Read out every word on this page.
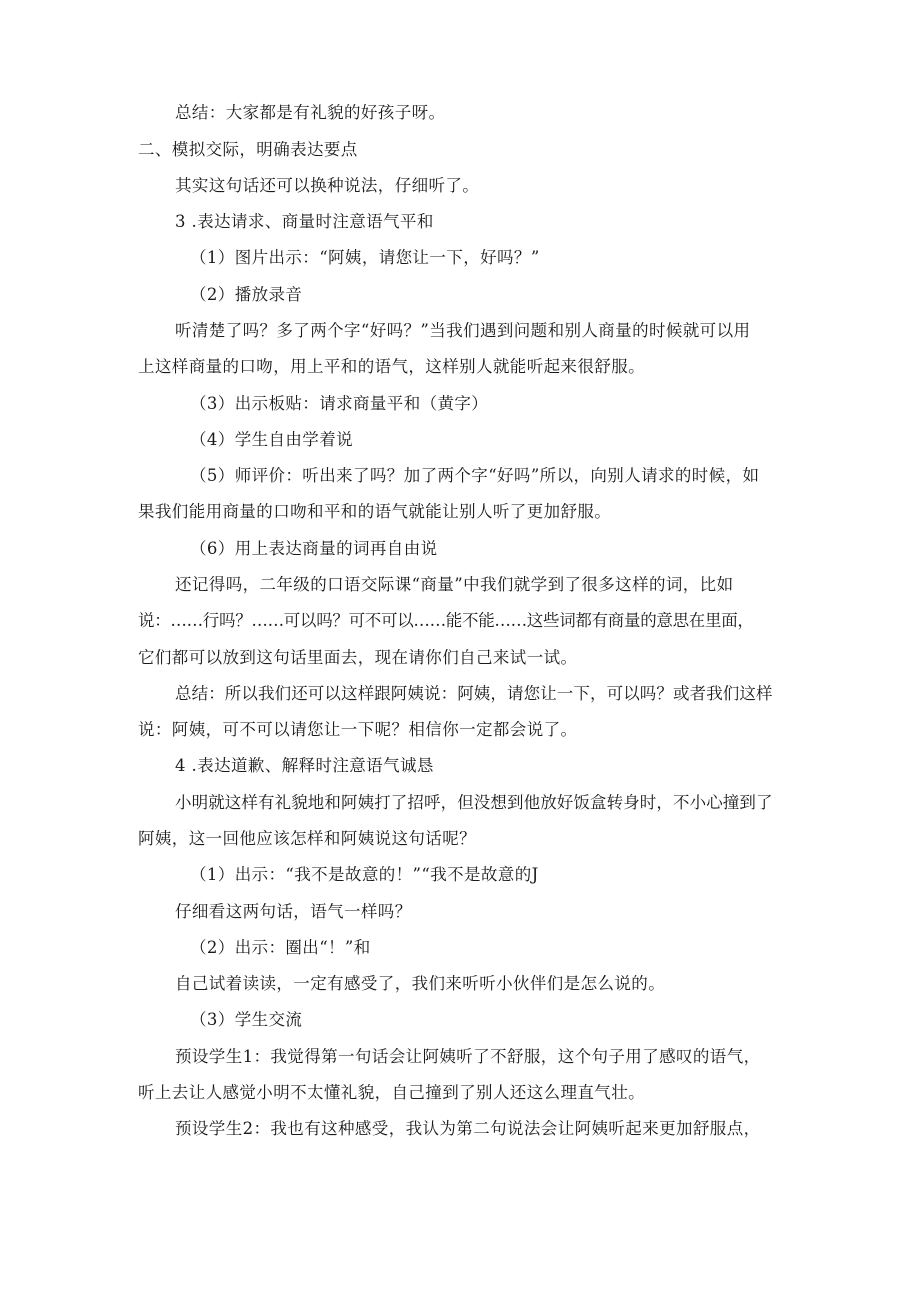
总结：大家都是有礼貌的好孩子呀。
二、模拟交际，明确表达要点
其实这句话还可以换种说法，仔细听了。
3 .表达请求、商量时注意语气平和
（1）图片出示：“阿姨，请您让一下，好吗？”
（2）播放录音
听清楚了吗？多了两个字“好吗？”当我们遇到问题和别人商量的时候就可以用
上这样商量的口吻，用上平和的语气，这样别人就能听起来很舒服。
（3）出示板贴：请求商量平和（黄字）
（4）学生自由学着说
（5）师评价：听出来了吗？加了两个字“好吗”所以，向别人请求的时候，如
果我们能用商量的口吻和平和的语气就能让别人听了更加舒服。
（6）用上表达商量的词再自由说
还记得吗，二年级的口语交际课“商量”中我们就学到了很多这样的词，比如
说：……行吗？……可以吗？可不可以……能不能……这些词都有商量的意思在里面，
它们都可以放到这句话里面去，现在请你们自己来试一试。
总结：所以我们还可以这样跟阿姨说：阿姨，请您让一下，可以吗？或者我们这样
说：阿姨，可不可以请您让一下呢？相信你一定都会说了。
4 .表达道歉、解释时注意语气诚恳
小明就这样有礼貌地和阿姨打了招呼，但没想到他放好饭盒转身时，不小心撞到了
阿姨，这一回他应该怎样和阿姨说这句话呢？
（1）出示：“我不是故意的！”“我不是故意的J
仔细看这两句话，语气一样吗？
（2）出示：圈出“！”和
自己试着读读，一定有感受了，我们来听听小伙伴们是怎么说的。
（3）学生交流
预设学生1：我觉得第一句话会让阿姨听了不舒服，这个句子用了感叹的语气，
听上去让人感觉小明不太懂礼貌，自己撞到了别人还这么理直气壮。
预设学生2：我也有这种感受，我认为第二句说法会让阿姨听起来更加舒服点，
